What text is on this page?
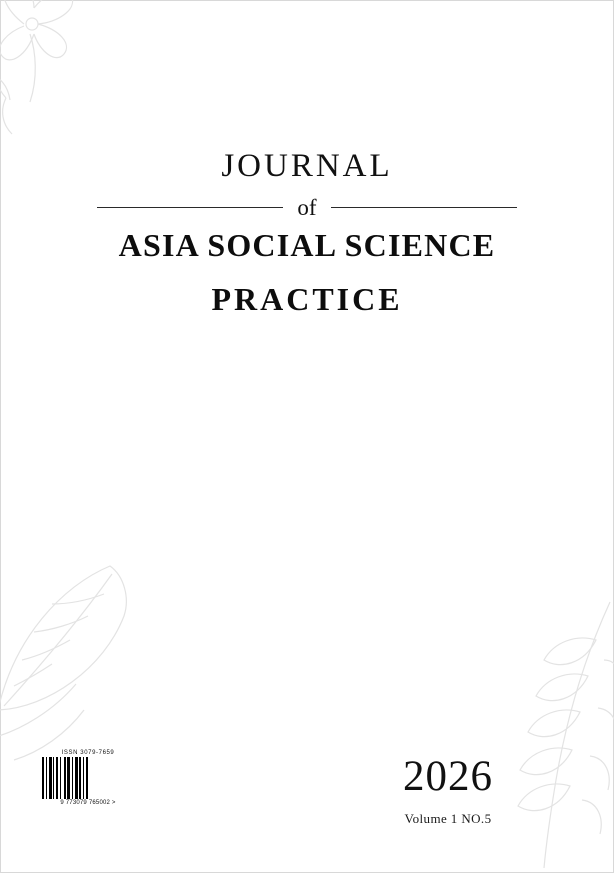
JOURNAL
of
ASIA SOCIAL SCIENCE
PRACTICE
2026
Volume 1 NO.5
ISSN 3079-7659
9 773079 765002 >
